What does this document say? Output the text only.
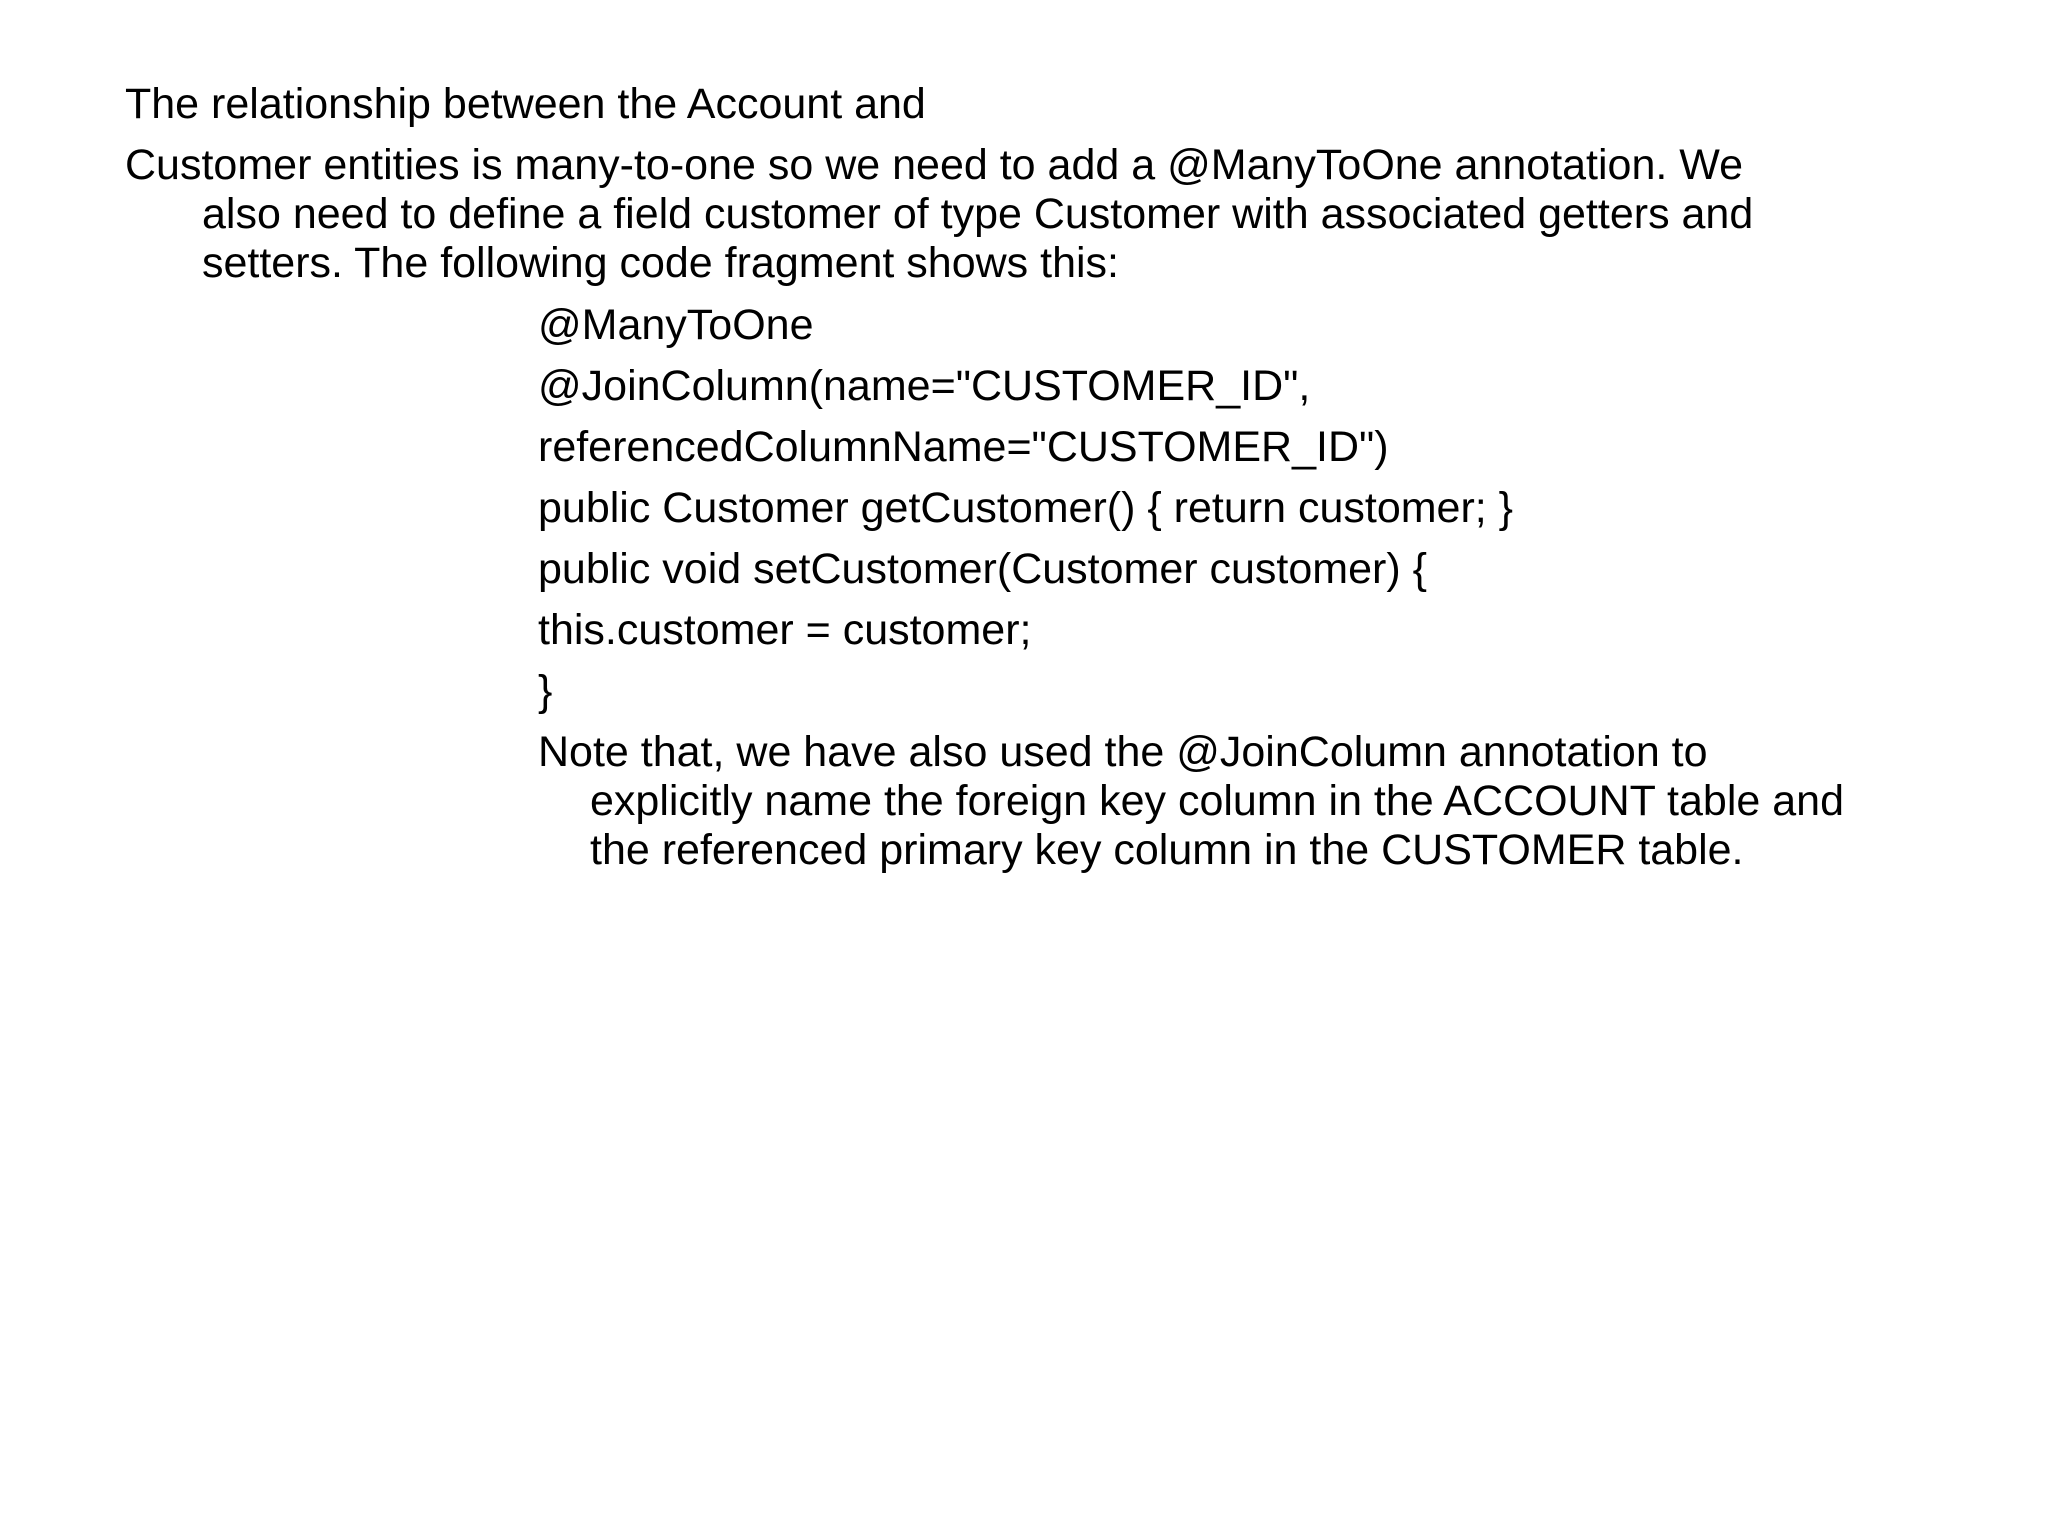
The relationship between the Account and

Customer entities is many-to-one so we need to add a @ManyToOne annotation. We

also need to define a field customer of type Customer with associated getters and

setters. The following code fragment shows this:

@ManyToOne

@JoinColumn(name="CUSTOMER_ID",

referencedColumnName="CUSTOMER_ID")

public Customer getCustomer() { return customer; }

public void setCustomer(Customer customer) {

this.customer = customer;

}

Note that, we have also used the @JoinColumn annotation to

explicitly name the foreign key column in the ACCOUNT table and

the referenced primary key column in the CUSTOMER table.
